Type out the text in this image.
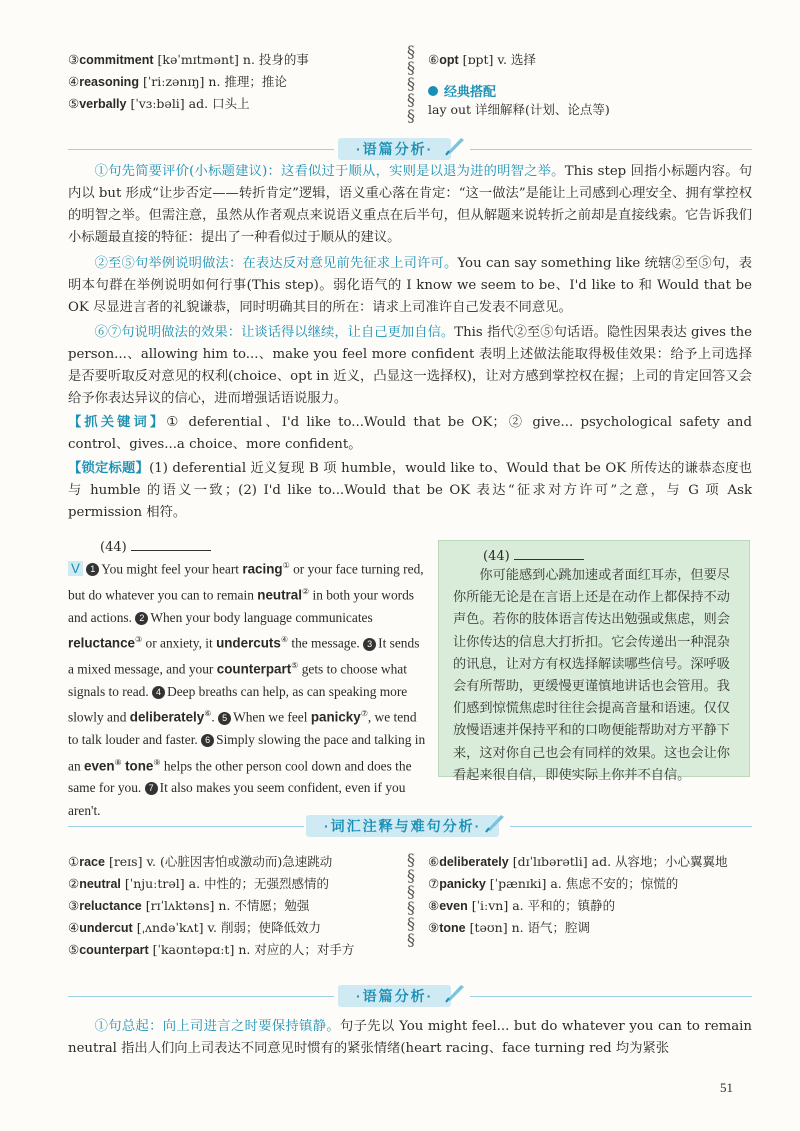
③commitment [kəˈmɪtmənt] n. 投身的事
④reasoning [ˈriːzənɪŋ] n. 推理；推论
⑤verbally [ˈvɜːbəli] ad. 口头上
⑥opt [ɒpt] v. 选择
§
§
§
§
§
经典搭配
lay out 详细解释(计划、论点等)
·语篇分析·
①句先简要评价(小标题建议)：这看似过于顺从，实则是以退为进的明智之举。This step 回指小标题内容。句内以 but 形成“让步否定——转折肯定”逻辑，语义重心落在肯定：“这一做法”是能让上司感到心理安全、拥有掌控权的明智之举。但需注意，虽然从作者观点来说语义重点在后半句，但从解题来说转折之前却是直接线索。它告诉我们小标题最直接的特征：提出了一种看似过于顺从的建议。
②至⑤句举例说明做法：在表达反对意见前先征求上司许可。You can say something like 统辖②至⑤句，表明本句群在举例说明如何行事(This step)。弱化语气的 I know we seem to be、I'd like to 和 Would that be OK 尽显进言者的礼貌谦恭，同时明确其目的所在：请求上司准许自己发表不同意见。
⑥⑦句说明做法的效果：让谈话得以继续，让自己更加自信。This 指代②至⑤句话语。隐性因果表达 gives the person...、allowing him to...、make you feel more confident 表明上述做法能取得极佳效果：给予上司选择是否要听取反对意见的权利(choice、opt in 近义，凸显这一选择权)，让对方感到掌控权在握；上司的肯定回答又会给予你表达异议的信心，进而增强话语说服力。
【抓关键词】① deferential、I'd like to...Would that be OK；② give... psychological safety and control、gives...a choice、more confident。
【锁定标题】(1) deferential 近义复现 B 项 humble，would like to、Would that be OK 所传达的谦恭态度也与 humble 的语义一致；(2) I'd like to...Would that be OK 表达“征求对方许可”之意，与 G 项 Ask permission 相符。
(44)
V 1 You might feel your heart racing① or your face turning red, but do whatever you can to remain neutral② in both your words and actions. 2 When your body language communicates reluctance③ or anxiety, it undercuts④ the message. 3 It sends a mixed message, and your counterpart⑤ gets to choose what signals to read. 4 Deep breaths can help, as can speaking more slowly and deliberately⑥. 5 When we feel panicky⑦, we tend to talk louder and faster. 6 Simply slowing the pace and talking in an even⑧ tone⑨ helps the other person cool down and does the same for you. 7 It also makes you seem confident, even if you aren't.
(44)
你可能感到心跳加速或者面红耳赤，但要尽你所能无论是在言语上还是在动作上都保持不动声色。若你的肢体语言传达出勉强或焦虑，则会让你传达的信息大打折扣。它会传递出一种混杂的讯息，让对方有权选择解读哪些信号。深呼吸会有所帮助，更缓慢更谨慎地讲话也会管用。我们感到惊慌焦虑时往往会提高音量和语速。仅仅放慢语速并保持平和的口吻便能帮助对方平静下来，这对你自己也会有同样的效果。这也会让你看起来很自信，即使实际上你并不自信。
·词汇注释与难句分析·
①race [reɪs] v. (心脏因害怕或激动而)急速跳动
②neutral [ˈnjuːtrəl] a. 中性的；无强烈感情的
③reluctance [rɪˈlʌktəns] n. 不情愿；勉强
④undercut [ˌʌndəˈkʌt] v. 削弱；使降低效力
⑤counterpart [ˈkaʊntəpɑːt] n. 对应的人；对手方
⑥deliberately [dɪˈlɪbərətli] ad. 从容地；小心翼翼地
⑦panicky [ˈpænɪki] a. 焦虑不安的；惊慌的
⑧even [ˈiːvn] a. 平和的；镇静的
⑨tone [təʊn] n. 语气；腔调
§
§
§
§
§
§
·语篇分析·
①句总起：向上司进言之时要保持镇静。句子先以 You might feel... but do whatever you can to remain neutral 指出人们向上司表达不同意见时惯有的紧张情绪(heart racing、face turning red 均为紧张
51
